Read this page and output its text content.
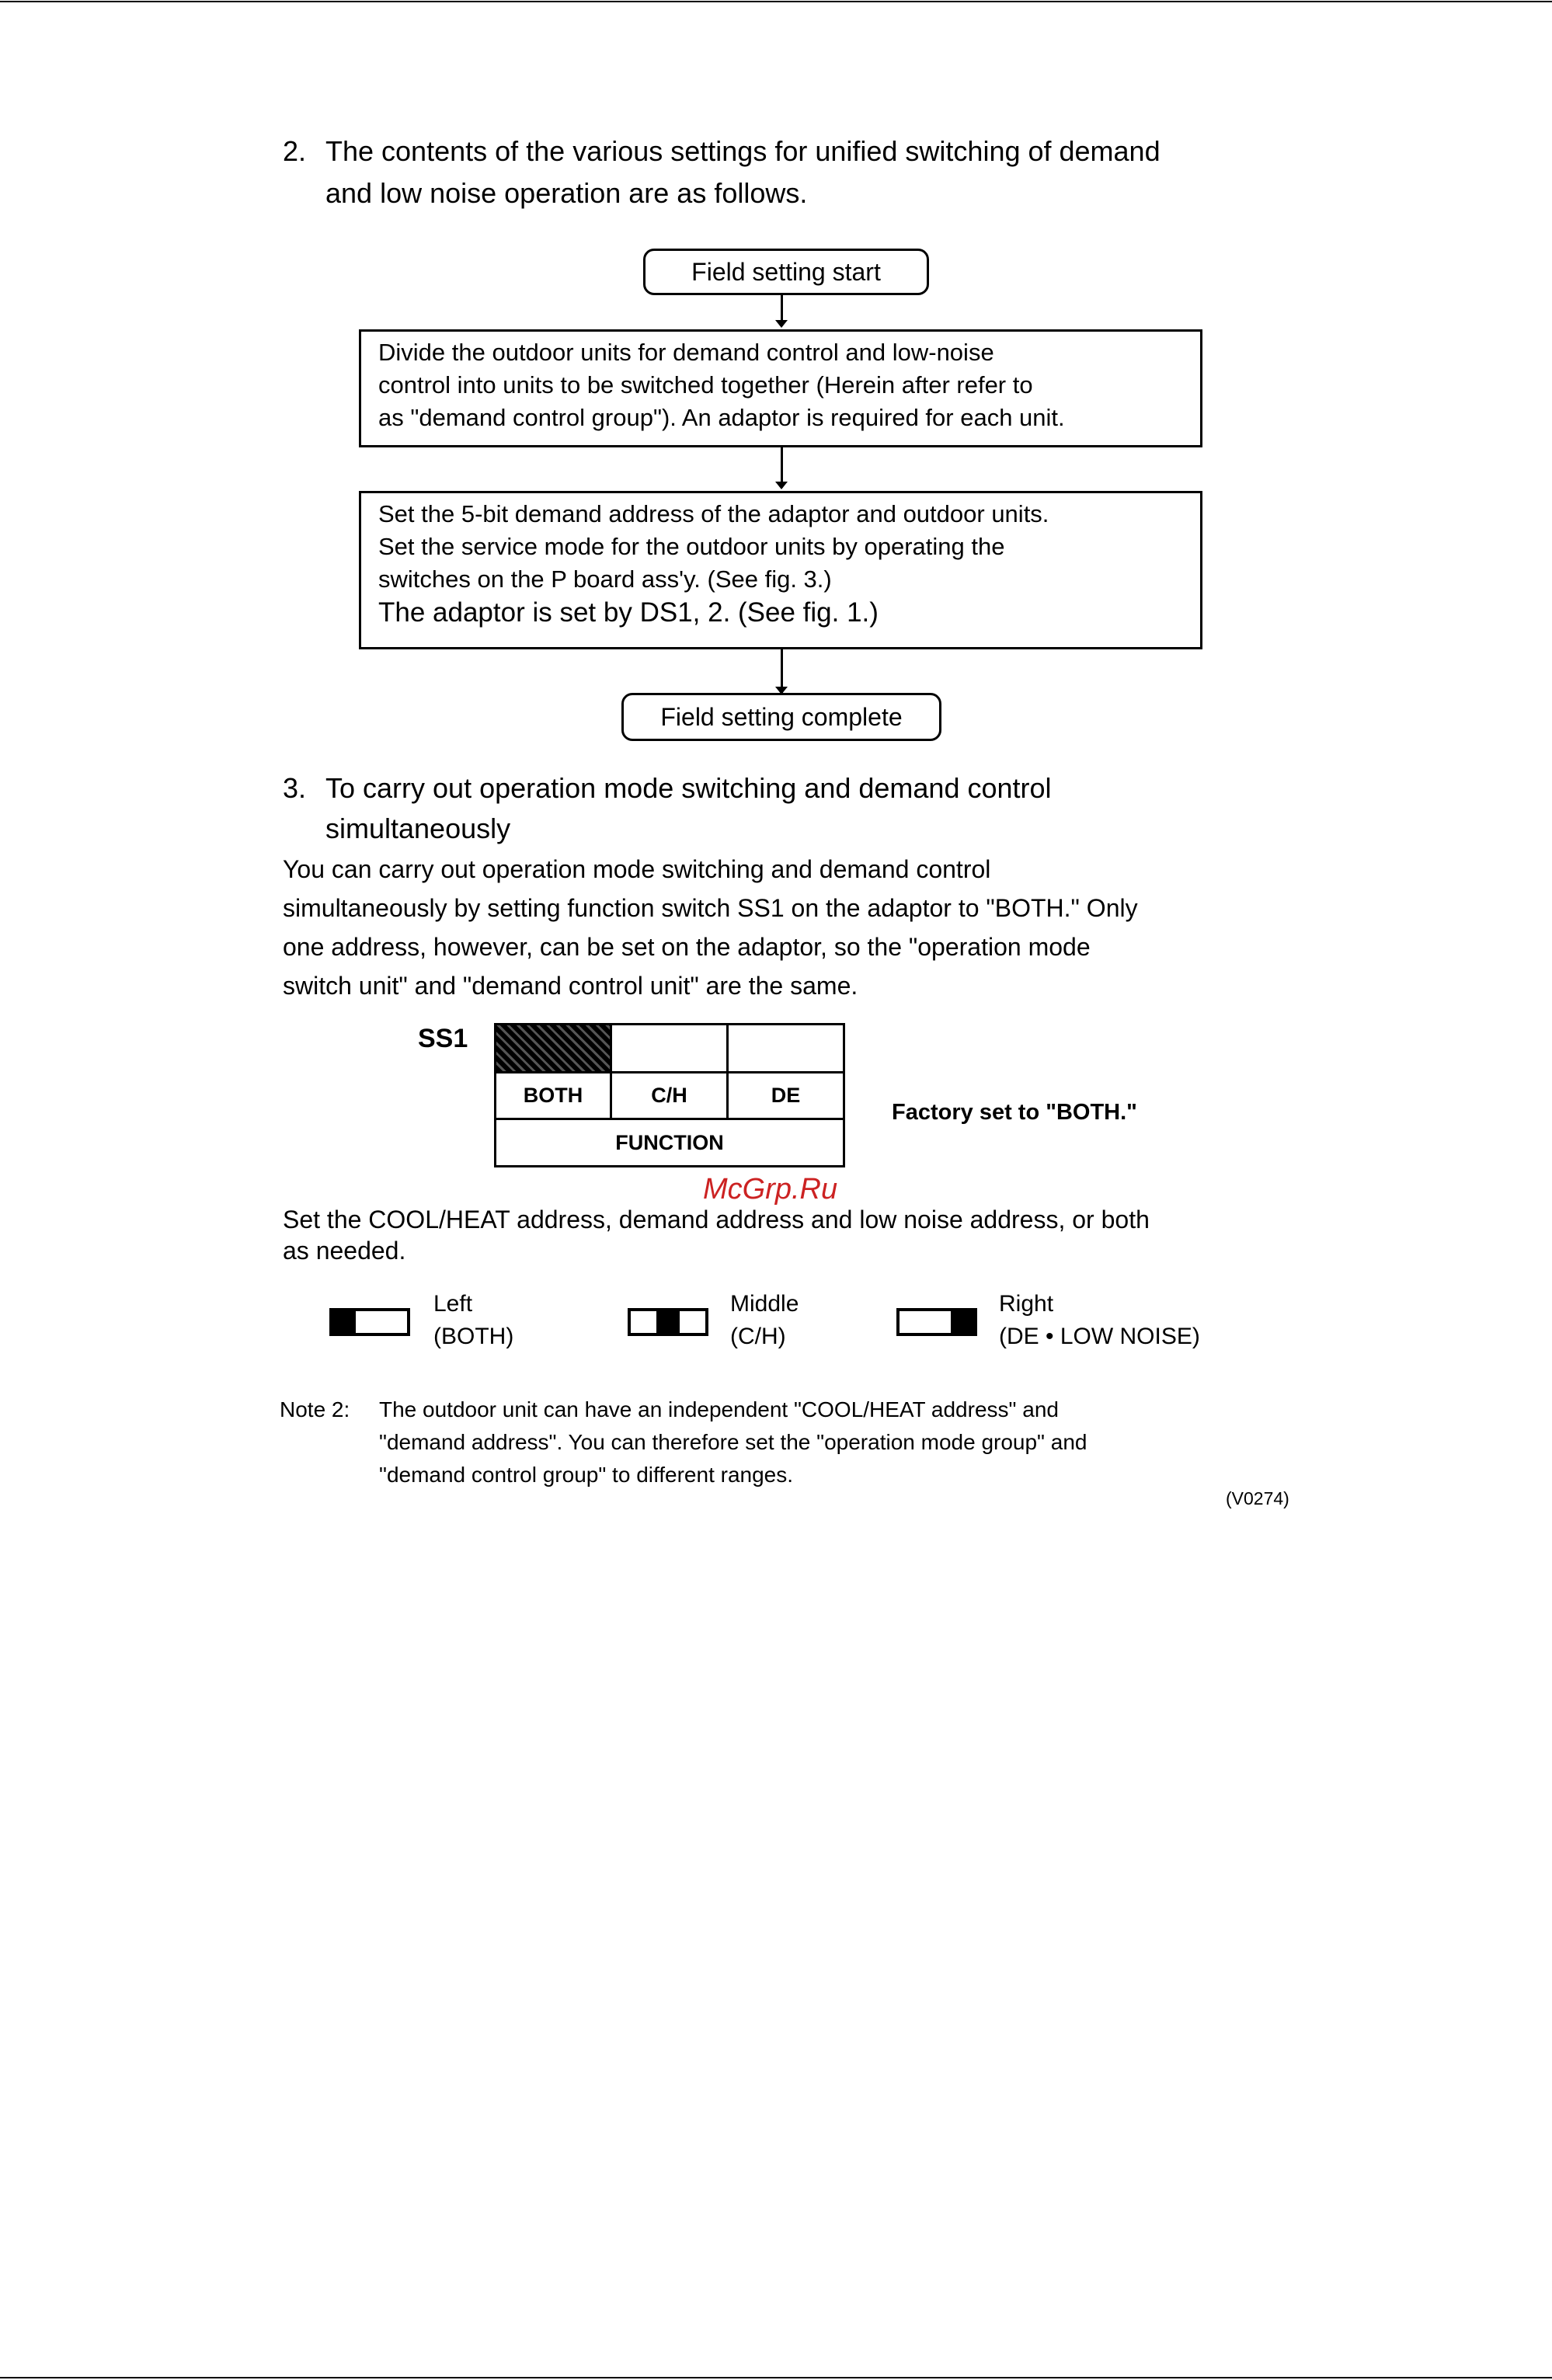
2. The contents of the various settings for unified switching of demand
and low noise operation are as follows.
Field setting start
Divide the outdoor units for demand control and low-noise
control into units to be switched together (Herein after refer to
as "demand control group"). An adaptor is required for each unit.
Set the 5-bit demand address of the adaptor and outdoor units.
Set the service mode for the outdoor units by operating the
switches on the P board ass'y. (See fig. 3.)
The adaptor is set by DS1, 2. (See fig. 1.)
Field setting complete
3. To carry out operation mode switching and demand control
simultaneously
You can carry out operation mode switching and demand control
simultaneously by setting function switch SS1 on the adaptor to "BOTH." Only
one address, however, can be set on the adaptor, so the "operation mode
switch unit" and "demand control unit" are the same.
SS1
BOTH	C/H	DE
FUNCTION
Factory set to "BOTH."
McGrp.Ru
Set the COOL/HEAT address, demand address and low noise address, or both
as needed.
Left
(BOTH)
Middle
(C/H)
Right
(DE • LOW NOISE)
Note 2: The outdoor unit can have an independent "COOL/HEAT address" and
"demand address". You can therefore set the "operation mode group" and
"demand control group" to different ranges.
(V0274)
